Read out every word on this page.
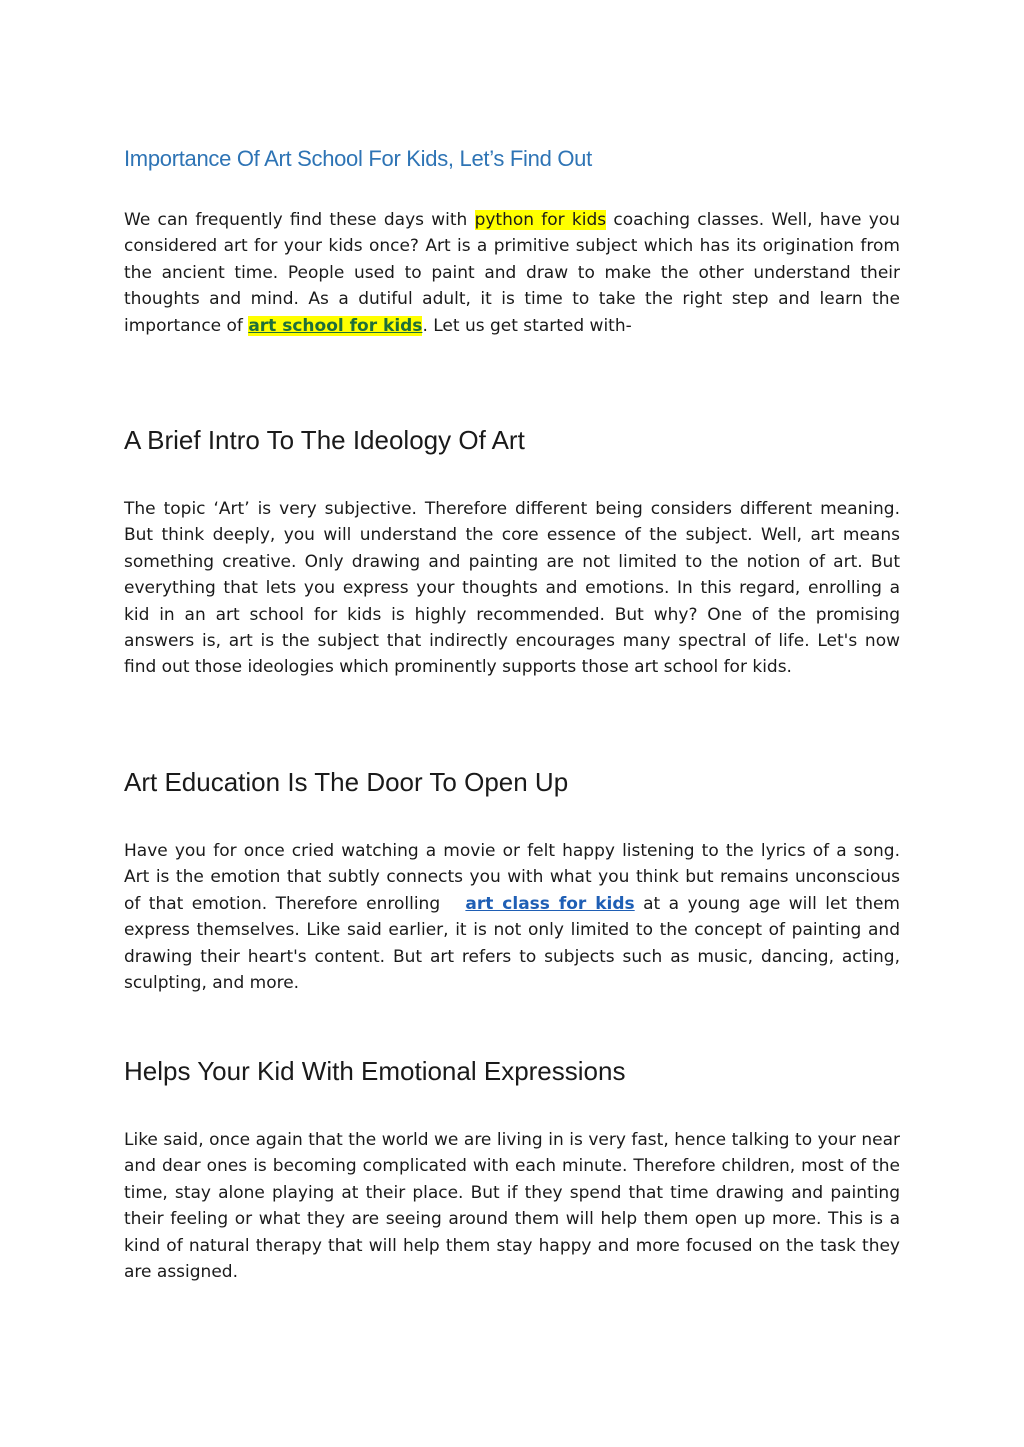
Importance Of Art School For Kids, Let’s Find Out

We can frequently find these days with python for kids coaching classes. Well, have you considered art for your kids once? Art is a primitive subject which has its origination from the ancient time. People used to paint and draw to make the other understand their thoughts and mind. As a dutiful adult, it is time to take the right step and learn the importance of art school for kids. Let us get started with-

A Brief Intro To The Ideology Of Art

The topic ‘Art’ is very subjective. Therefore different being considers different meaning. But think deeply, you will understand the core essence of the subject. Well, art means something creative. Only drawing and painting are not limited to the notion of art. But everything that lets you express your thoughts and emotions. In this regard, enrolling a kid in an art school for kids is highly recommended. But why? One of the promising answers is, art is the subject that indirectly encourages many spectral of life. Let's now find out those ideologies which prominently supports those art school for kids.

Art Education Is The Door To Open Up

Have you for once cried watching a movie or felt happy listening to the lyrics of a song. Art is the emotion that subtly connects you with what you think but remains unconscious of that emotion. Therefore enrolling   art class for kids at a young age will let them express themselves. Like said earlier, it is not only limited to the concept of painting and drawing their heart's content. But art refers to subjects such as music, dancing, acting, sculpting, and more.

Helps Your Kid With Emotional Expressions

Like said, once again that the world we are living in is very fast, hence talking to your near and dear ones is becoming complicated with each minute. Therefore children, most of the time, stay alone playing at their place. But if they spend that time drawing and painting their feeling or what they are seeing around them will help them open up more. This is a kind of natural therapy that will help them stay happy and more focused on the task they are assigned.
